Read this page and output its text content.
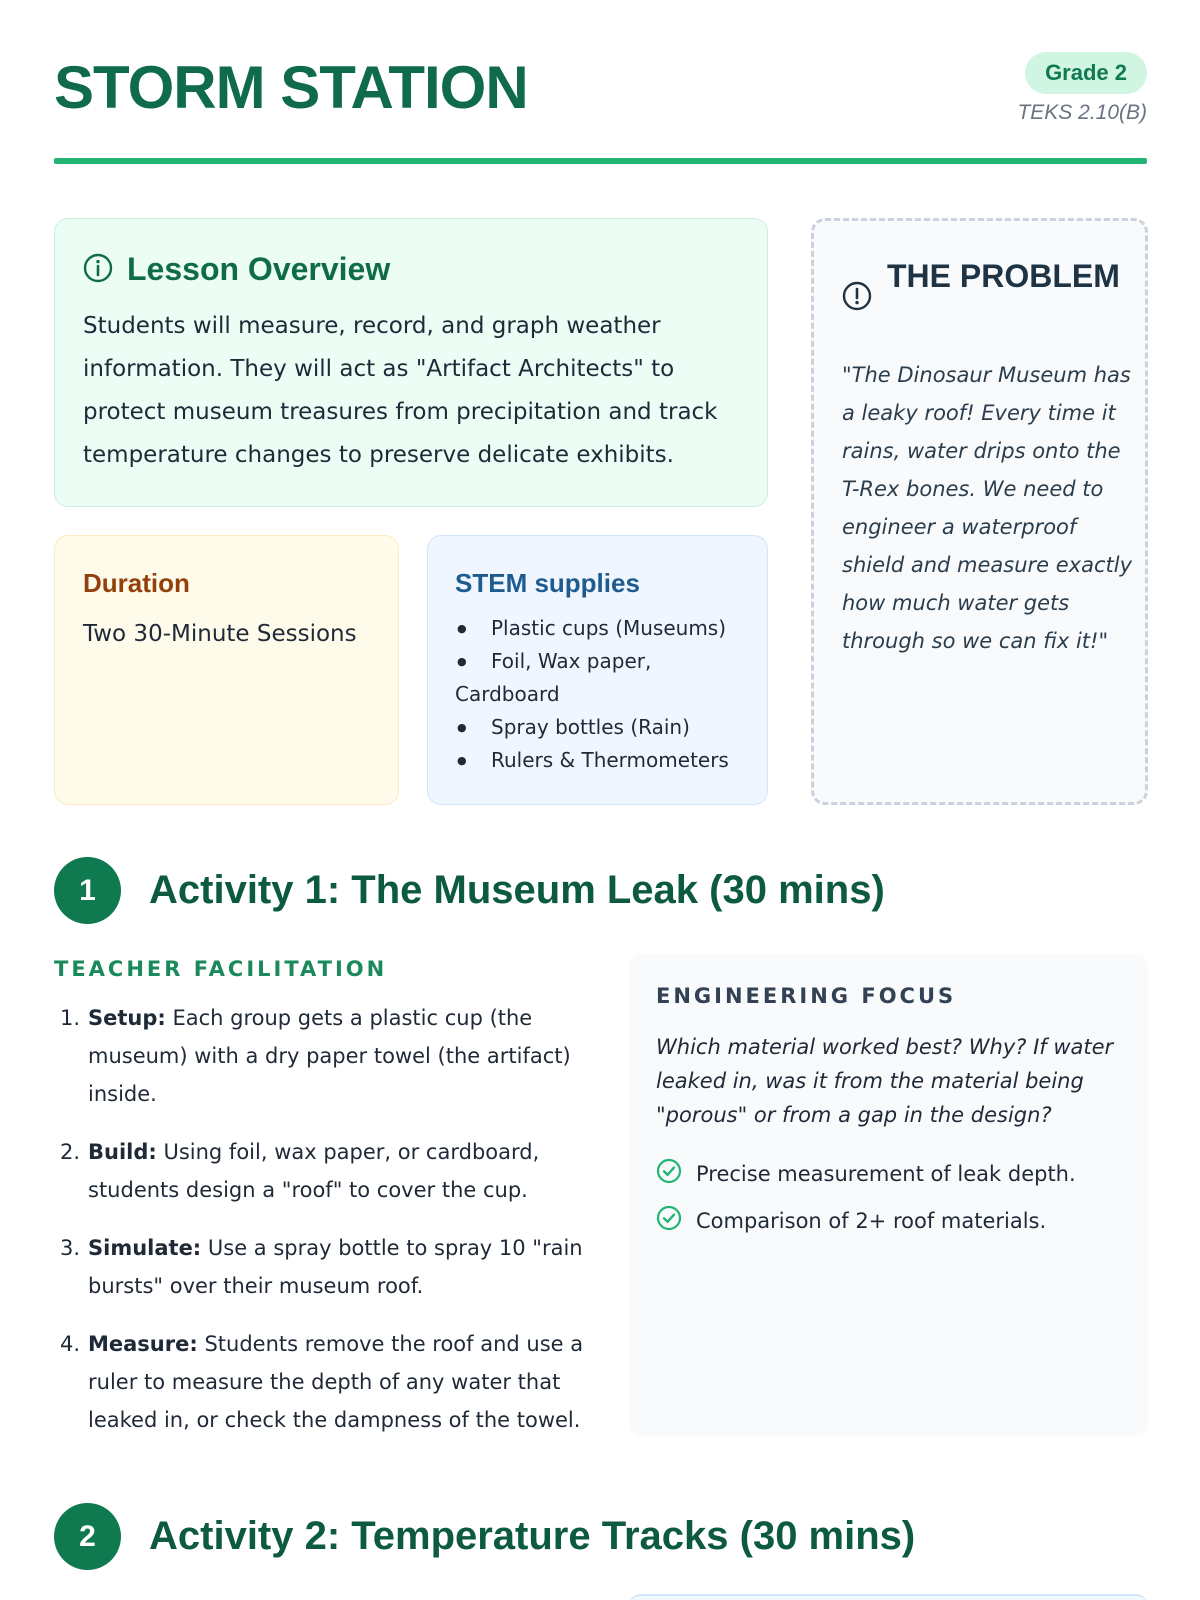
STORM STATION	Grade 2
TEKS 2.10(B)
Lesson Overview
Students will measure, record, and graph weather information. They will act as "Artifact Architects" to protect museum treasures from precipitation and track temperature changes to preserve delicate exhibits.
Duration
Two 30-Minute Sessions
STEM supplies
● Plastic cups (Museums)
● Foil, Wax paper, Cardboard
● Spray bottles (Rain)
● Rulers & Thermometers
THE PROBLEM
"The Dinosaur Museum has a leaky roof! Every time it rains, water drips onto the T-Rex bones. We need to engineer a waterproof shield and measure exactly how much water gets through so we can fix it!"
1	Activity 1: The Museum Leak (30 mins)
TEACHER FACILITATION
1. Setup: Each group gets a plastic cup (the museum) with a dry paper towel (the artifact) inside.
2. Build: Using foil, wax paper, or cardboard, students design a "roof" to cover the cup.
3. Simulate: Use a spray bottle to spray 10 "rain bursts" over their museum roof.
4. Measure: Students remove the roof and use a ruler to measure the depth of any water that leaked in, or check the dampness of the towel.
ENGINEERING FOCUS
Which material worked best? Why? If water leaked in, was it from the material being "porous" or from a gap in the design?
Precise measurement of leak depth.
Comparison of 2+ roof materials.
2	Activity 2: Temperature Tracks (30 mins)
